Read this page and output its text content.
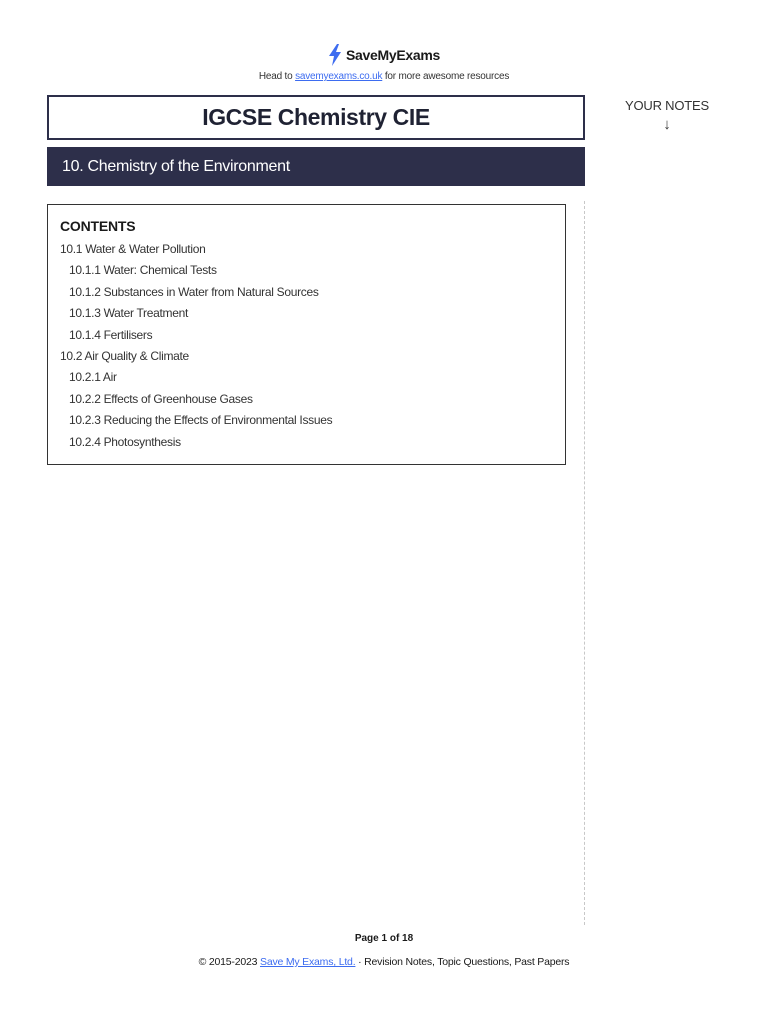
SaveMyExams
Head to savemyexams.co.uk for more awesome resources
IGCSE Chemistry CIE
10. Chemistry of the Environment
YOUR NOTES
↓
CONTENTS
10.1 Water & Water Pollution
10.1.1 Water: Chemical Tests
10.1.2 Substances in Water from Natural Sources
10.1.3 Water Treatment
10.1.4 Fertilisers
10.2 Air Quality & Climate
10.2.1 Air
10.2.2 Effects of Greenhouse Gases
10.2.3 Reducing the Effects of Environmental Issues
10.2.4 Photosynthesis
Page 1 of 18
© 2015-2023 Save My Exams, Ltd. · Revision Notes, Topic Questions, Past Papers
